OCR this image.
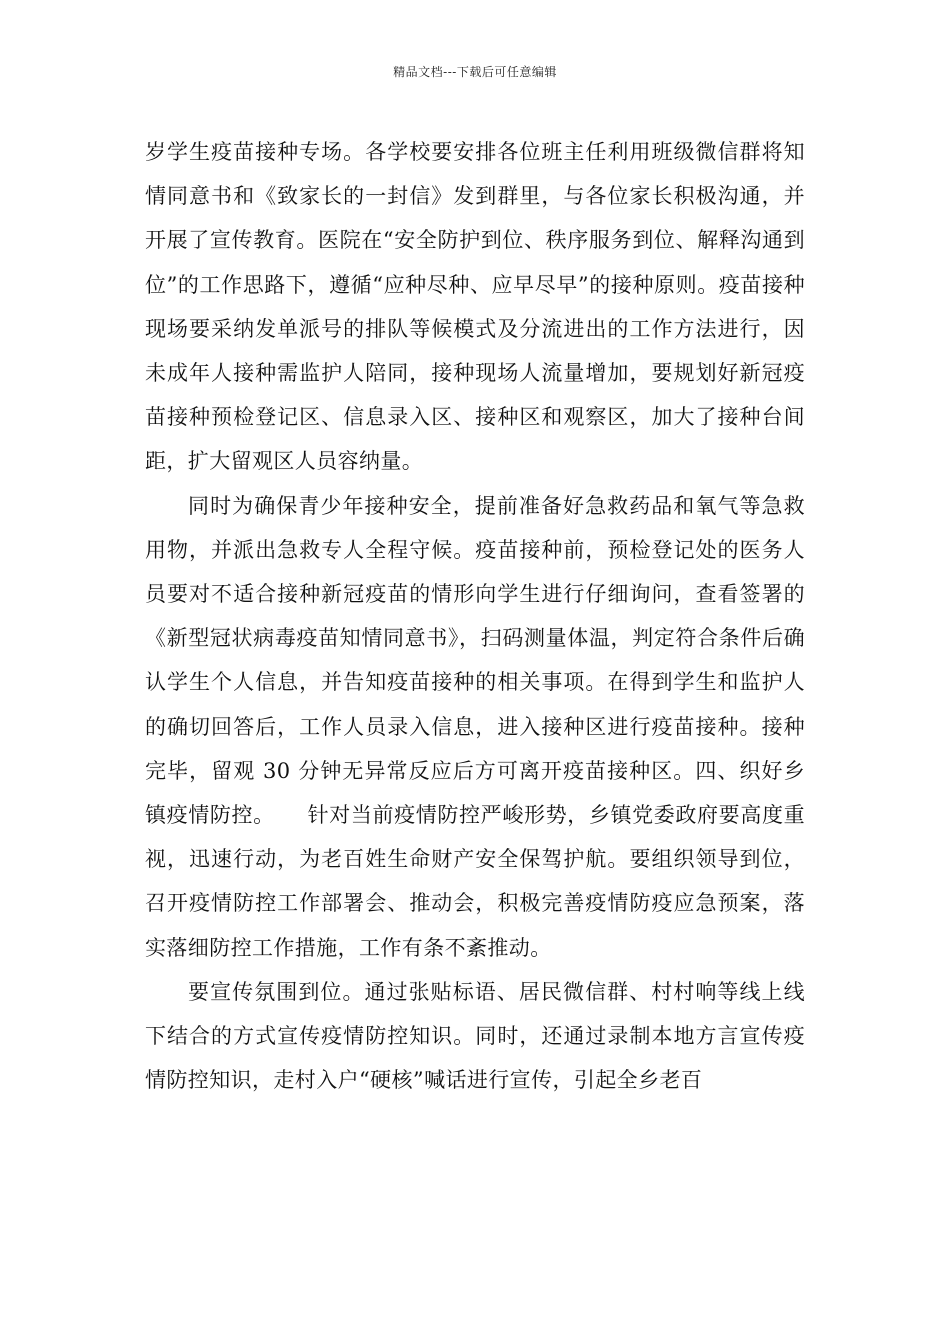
精品文档---下载后可任意编辑

岁学生疫苗接种专场。各学校要安排各位班主任利用班级微信群将知情同意书和《致家长的一封信》发到群里，与各位家长积极沟通，并开展了宣传教育。医院在“安全防护到位、秩序服务到位、解释沟通到位”的工作思路下，遵循“应种尽种、应早尽早”的接种原则。疫苗接种现场要采纳发单派号的排队等候模式及分流进出的工作方法进行，因未成年人接种需监护人陪同，接种现场人流量增加，要规划好新冠疫苗接种预检登记区、信息录入区、接种区和观察区，加大了接种台间距，扩大留观区人员容纳量。

同时为确保青少年接种安全，提前准备好急救药品和氧气等急救用物，并派出急救专人全程守候。疫苗接种前，预检登记处的医务人员要对不适合接种新冠疫苗的情形向学生进行仔细询问，查看签署的《新型冠状病毒疫苗知情同意书》，扫码测量体温，判定符合条件后确认学生个人信息，并告知疫苗接种的相关事项。在得到学生和监护人的确切回答后，工作人员录入信息，进入接种区进行疫苗接种。接种完毕，留观 30 分钟无异常反应后方可离开疫苗接种区。四、织好乡镇疫情防控。　　针对当前疫情防控严峻形势，乡镇党委政府要高度重视，迅速行动，为老百姓生命财产安全保驾护航。要组织领导到位，召开疫情防控工作部署会、推动会，积极完善疫情防疫应急预案，落实落细防控工作措施，工作有条不紊推动。

要宣传氛围到位。通过张贴标语、居民微信群、村村响等线上线下结合的方式宣传疫情防控知识。同时，还通过录制本地方言宣传疫情防控知识，走村入户“硬核”喊话进行宣传，引起全乡老百
